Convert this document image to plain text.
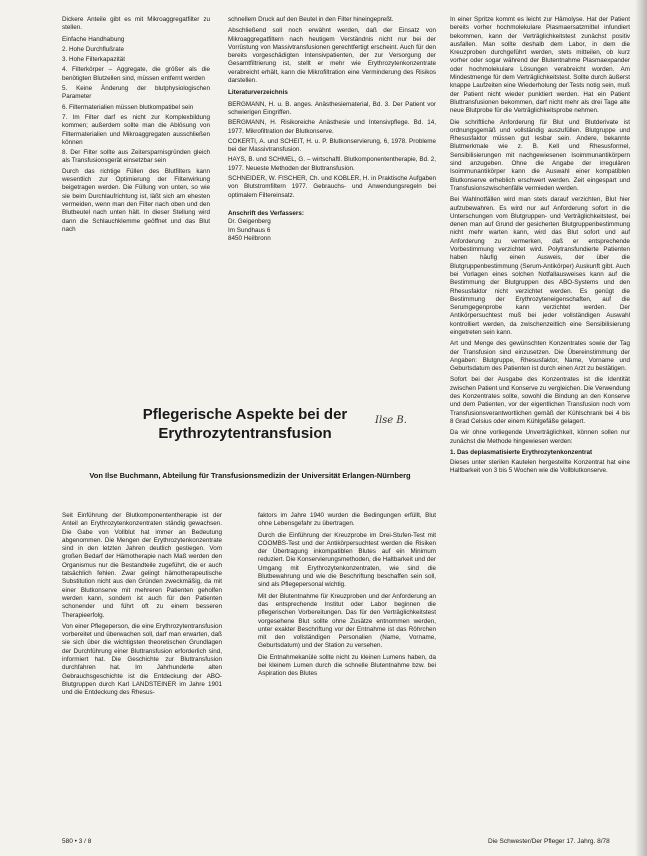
Dickere Anteile gibt es mit Mikroaggregatfilter zu stellen.

Einfache Handhabung
2. Hohe Durchflußrate
3. Hohe Filterkapazität
4. Filterkörper – Aggregate, die größer als die benötigten Blutzellen sind, müssen entfernt werden
5. Keine Änderung der blutphysiologischen Parameter
6. Filtermaterialien müssen blutkompatibel sein
7. Im Filter darf es nicht zur Komplexbildung kommen; außerdem sollte man die Ablösung von Filtermaterialien und Mikroaggregaten ausschließen können
8. Der Filter sollte aus Zeitersparnisgründen gleich als Transfusionsgerät einsetzbar sein

Durch das richtige Füllen des Blutfilters kann wesentlich zur Optimierung der Filterwirkung beigetragen werden. Die Füllung von unten, so wie sie beim Durchlaufrichtung ist, läßt sich am ehesten vermeiden, wenn man den Filter nach oben und den Blutbeutel nach unten hält. In dieser Stellung wird dann die Schlauchklemme geöffnet und das Blut nach

schnellem Druck auf den Beutel in den Filter hineingepreßt.

Abschließend soll noch erwähnt werden, daß der Einsatz von Mikroaggregatfiltern nach heutigem Verständnis nicht nur bei der Vorrüstung von Massivtransfusionen gerechtfertigt erscheint. Auch für den bereits vorgeschädigten Intensivpatienten, der zur Versorgung der Gesamtfiltrierung ist, stellt er mehr wie Erythrozytenkonzentrate verabreicht erhält, kann die Mikrofiltration eine Verminderung des Risikos darstellen.

Literaturverzeichnis
BERGMANN, H. u. B. anges. Anästhesiematerial, Bd. 3. Der Patient vor schwierigen Eingriffen.
BERGMANN, H. Risikoreiche Anästhesie und Intensivpflege. Bd. 14, 1977. Mikrofiltration der Blutkonserve.
COKERTI, A. und SCHEIT, H. u. P. Blutkonservierung, 6, 1978. Probleme bei der Massivtransfusion.
HAYS, B. und SCHMEL, G. – wirtschaftl. Blutkomponententherapie, Bd. 2, 1977. Neueste Methoden der Bluttransfusion.
SCHNEIDER, W. FISCHER, Ch. und KOBLER, H. in Praktische Aufgaben von Blutstromfiltern 1977. Gebrauchs- und Anwendungsregeln bei optimalem Filtereinsatz.
Anschrift des Verfassers:
Dr. Geigenberg
Im Sundhaus 6
8450 Heilbronn

In einer Spritze kommt es leicht zur Hämolyse. Hat der Patient bereits vorher hochmolekulare Plasmaersatzmittel infundiert bekommen, kann der Verträglichkeitstest zunächst positiv ausfallen. Man sollte deshalb dem Labor, in dem die Kreuzproben durchgeführt werden, stets mitteilen, ob kurz vorher oder sogar während der Blutentnahme Plasmaexpander oder hochmolekulare Lösungen verabreicht worden. Am Mindestmenge für dem Verträglichkeitstest. Sollte durch äußerst knappe Laufzeiten eine Wiederholung der Tests notig sein, muß der Patient nicht wieder punktiert werden. Hat ein Patient Bluttransfusionen bekommen, darf nicht mehr als drei Tage alte neue Blutprobe für die Verträglichkeitsprobe nehmen.

Die schriftliche Anforderung für Blut und Blutderivate ist ordnungsgemäß und vollständig auszufüllen. Blutgruppe und Rhesusfaktor müssen gut lesbar sein. Andere, bekannte Blutmerkmale wie z. B. Kell und Rhesusformel, Sensibilisierungen mit nachgewiesenen Isoimmunantikörpern sind anzugeben. Ohne die Angabe der irregulären Isoimmunantikörper kann die Auswahl einer kompatiblen Blutkonserve erheblich erschwert werden. Zeit eingespart und Transfusionszwischenfälle vermieden werden.

Bei Wahlnotfällen wird man stets darauf verzichten, Blut hier aufzubewahren. Es wird nur auf Anforderung sofort in die Unterschungen vom Blutgruppen- und Verträglichkeitstest, bei denen man auf Grund der gesicherten Blutgruppenbestimmung nicht mehr warten kann, wird das Blut sofort und auf Anforderung zu vermerken, daß er entsprechende Vorbestimmung verzichtet wird. Polytransfundierte Patienten haben häufig einen Ausweis, der über die Blutgruppenbestimmung (Serum-Antikörper) Auskunft gibt. Auch bei Vorlagen eines solchen Notfallausweises kann auf die Bestimmung der Blutgruppen des ABO-Systems und den Rhesusfaktor nicht verzichtet werden. Es genügt die Bestimmung der Erythrozyteneigenschaften, auf die Serumgegenprobe kann verzichtet werden. Der Antikörpersuchtest muß bei jeder vollständigen Auswahl kontrolliert werden, da zwischenzeitlich eine Sensibilisierung eingetreten sein kann.

Art und Menge des gewünschten Konzentrates sowie der Tag der Transfusion sind einzusetzen. Die Übereinstimmung der Angaben: Blutgruppe, Rhesusfaktor, Name, Vorname und Geburtsdatum des Patienten ist durch einen Arzt zu bestätigen.

Sofort bei der Ausgabe des Konzentrates ist die Identität zwischen Patient und Konserve zu vergleichen. Die Verwendung des Konzentrates sollte, sowohl die Bindung an den Konserve und dem Patienten, vor der eigentlichen Transfusion noch vom Transfusionsverantwortlichen gemäß der Kühlschrank bei 4 bis 8 Grad Celsius oder einem Kühlgefäße gelagert.

Da wir ohne vorliegende Unverträglichkeit, können sollen nur zunächst die Methode hingewiesen werden:

1. Das deplasmatisierte Erythrozytenkonzentrat
Dieses unter sterilen Kautelen hergestellte Konzentrat hat eine Haltbarkeit von 3 bis 5 Wochen wie die Vollblutkonserve.
Pflegerische Aspekte bei der Erythrozytentransfusion
Ilse B.
Von Ilse Buchmann, Abteilung für Transfusionsmedizin der Universität Erlangen-Nürnberg

Seit Einführung der Blutkomponententherapie ist der Anteil an Erythrozytenkonzentraten ständig gewachsen. Die Gabe von Vollblut hat immer an Bedeutung abgenommen. Die Mengen der Erythrozytenkonzentrate sind in den letzten Jahren deutlich gestiegen. Vom großen Bedarf der Hämotherapie nach Maß werden den Organismus nur die Bestandteile zugeführt, die er auch tatsächlich fehlen. Zwar gelingt hämotherapeutische Substitution nicht aus den Gründen zweckmäßig, da mit einer Blutkonserve mit mehreren Patienten geholfen werden kann, sondern ist auch für den Patienten schonender und führt oft zu einem besseren Therapieerfolg.

Von einer Pflegeperson, die eine Erythrozytentransfusion vorbereitet und überwachen soll, darf man erwarten, daß sie sich über die wichtigsten theoretischen Grundlagen der Durchführung einer Bluttransfusion erforderlich sind, informiert hat. Die Geschichte zur Bluttransfusion durchfahren hat. Im Jahrhunderte alten Gebrauchsgeschichte ist die Entdeckung der ABO-Blutgruppen durch Karl LANDSTEINER im Jahre 1901 und die Entdeckung des Rhesus-

faktors im Jahre 1940 wurden die Bedingungen erfüllt, Blut ohne Lebensgefahr zu übertragen.

Durch die Einführung der Kreuzprobe im Drei-Stufen-Test mit COOMBS-Test und der Antikörpersuchtest werden die Risiken der Übertragung inkompatiblen Blutes auf ein Minimum reduziert. Die Konservierungsmethoden, die Haltbarkeit und der Umgang mit Erythrozytenkonzentraten, wie sind die Blutbewahrung und wie die Beschriftung beschaffen sein soll, sind als Pflegepersonal wichtig.

Mit der Blutentnahme für Kreuzproben und der Anforderung an das entsprechende Institut oder Labor beginnen die pflegerischen Vorbereitungen. Das für den Verträglichkeitstest vorgesehene Blut sollte ohne Zusätze entnommen werden, unter exakter Beschriftung vor der Entnahme ist das Röhrchen mit den vollständigen Personalien (Name, Vorname, Geburtsdatum) und der Station zu versehen.

Die Entnahmekanüle sollte nicht zu kleinen Lumens haben, da bei kleinem Lumen durch die schnelle Blutentnahme bzw. bei Aspiration des Blutes

580 • 3 / 8	Die Schwester/Der Pfleger 17. Jahrg. 8/78
